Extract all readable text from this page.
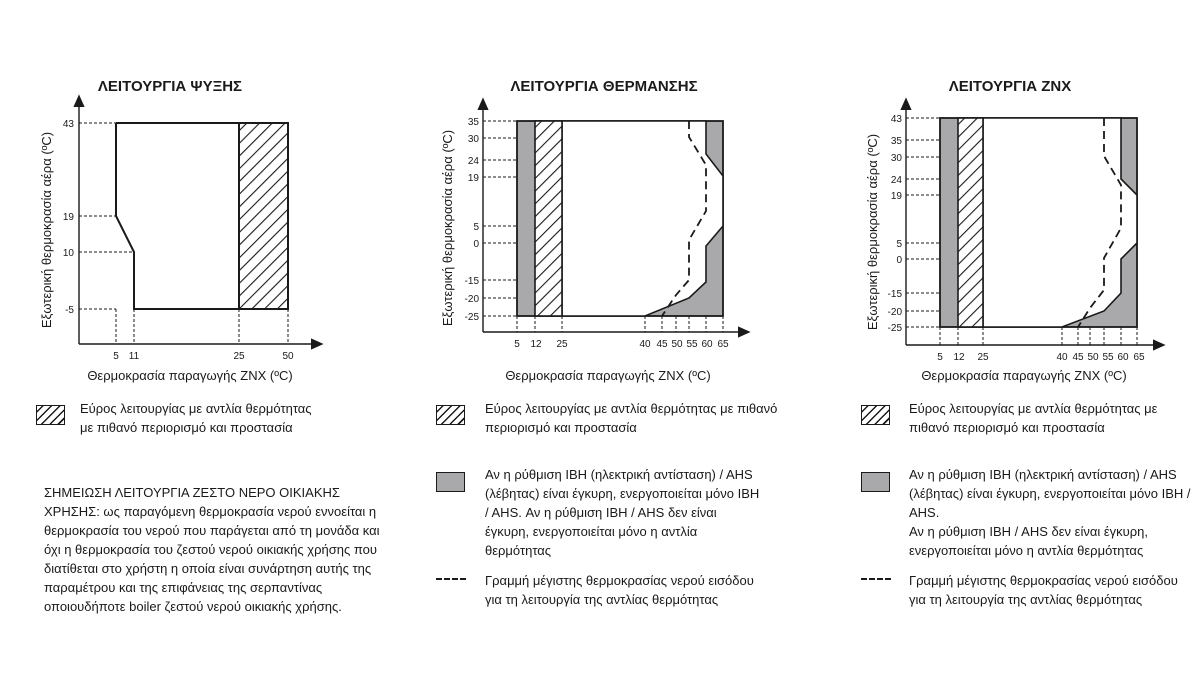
ΛΕΙΤΟΥΡΓΙΑ ΨΥΞΗΣ
43
19
10
-5
5 11	25	50
Θερμοκρασία παραγωγής ZNX (ºC)
Εξωτερική θερμοκρασία αέρα (ºC)
ΛΕΙΤΟΥΡΓΙΑ ΘΕΡΜΑΝΣΗΣ
35
30
24
19
5
0
-15
-20
-25
5 12 25	40 45 50 55 60 65
Θερμοκρασία παραγωγής ZNX (ºC)
Εξωτερική θερμοκρασία αέρα (ºC)
ΛΕΙΤΟΥΡΓΙΑ ZNX
43
35
30
24
19
5
0
-15
-20
-25
5 12 25	40 45 50 55 60 65
Θερμοκρασία παραγωγής ZNX (ºC)
Εξωτερική θερμοκρασία αέρα (ºC)
Εύρος λειτουργίας με αντλία θερμότητας με πιθανό περιορισμό και προστασία
ΣΗΜΕΙΩΣΗ ΛΕΙΤΟΥΡΓΙΑ ΖΕΣΤΟ ΝΕΡΟ ΟΙΚΙΑΚΗΣ ΧΡΗΣΗΣ: ως παραγόμενη θερμοκρασία νερού εννοείται η θερμοκρασία του νερού που παράγεται από τη μονάδα και όχι η θερμοκρασία του ζεστού νερού οικιακής χρήσης που διατίθεται στο χρήστη η οποία είναι συνάρτηση αυτής της παραμέτρου και της επιφάνειας της σερπαντίνας οποιουδήποτε boiler ζεστού νερού οικιακής χρήσης.
Εύρος λειτουργίας με αντλία θερμότητας με πιθανό περιορισμό και προστασία
Αν η ρύθμιση IBH (ηλεκτρική αντίσταση) / AHS (λέβητας) είναι έγκυρη, ενεργοποιείται μόνο IBH / AHS. Αν η ρύθμιση IBH / AHS δεν είναι έγκυρη, ενεργοποιείται μόνο η αντλία θερμότητας
Γραμμή μέγιστης θερμοκρασίας νερού εισόδου για τη λειτουργία της αντλίας θερμότητας
Εύρος λειτουργίας με αντλία θερμότητας με πιθανό περιορισμό και προστασία
Αν η ρύθμιση IBH (ηλεκτρική αντίσταση) / AHS (λέβητας) είναι έγκυρη, ενεργοποιείται μόνο IBH / AHS.
Αν η ρύθμιση IBH / AHS δεν είναι έγκυρη, ενεργοποιείται μόνο η αντλία θερμότητας
Γραμμή μέγιστης θερμοκρασίας νερού εισόδου για τη λειτουργία της αντλίας θερμότητας
